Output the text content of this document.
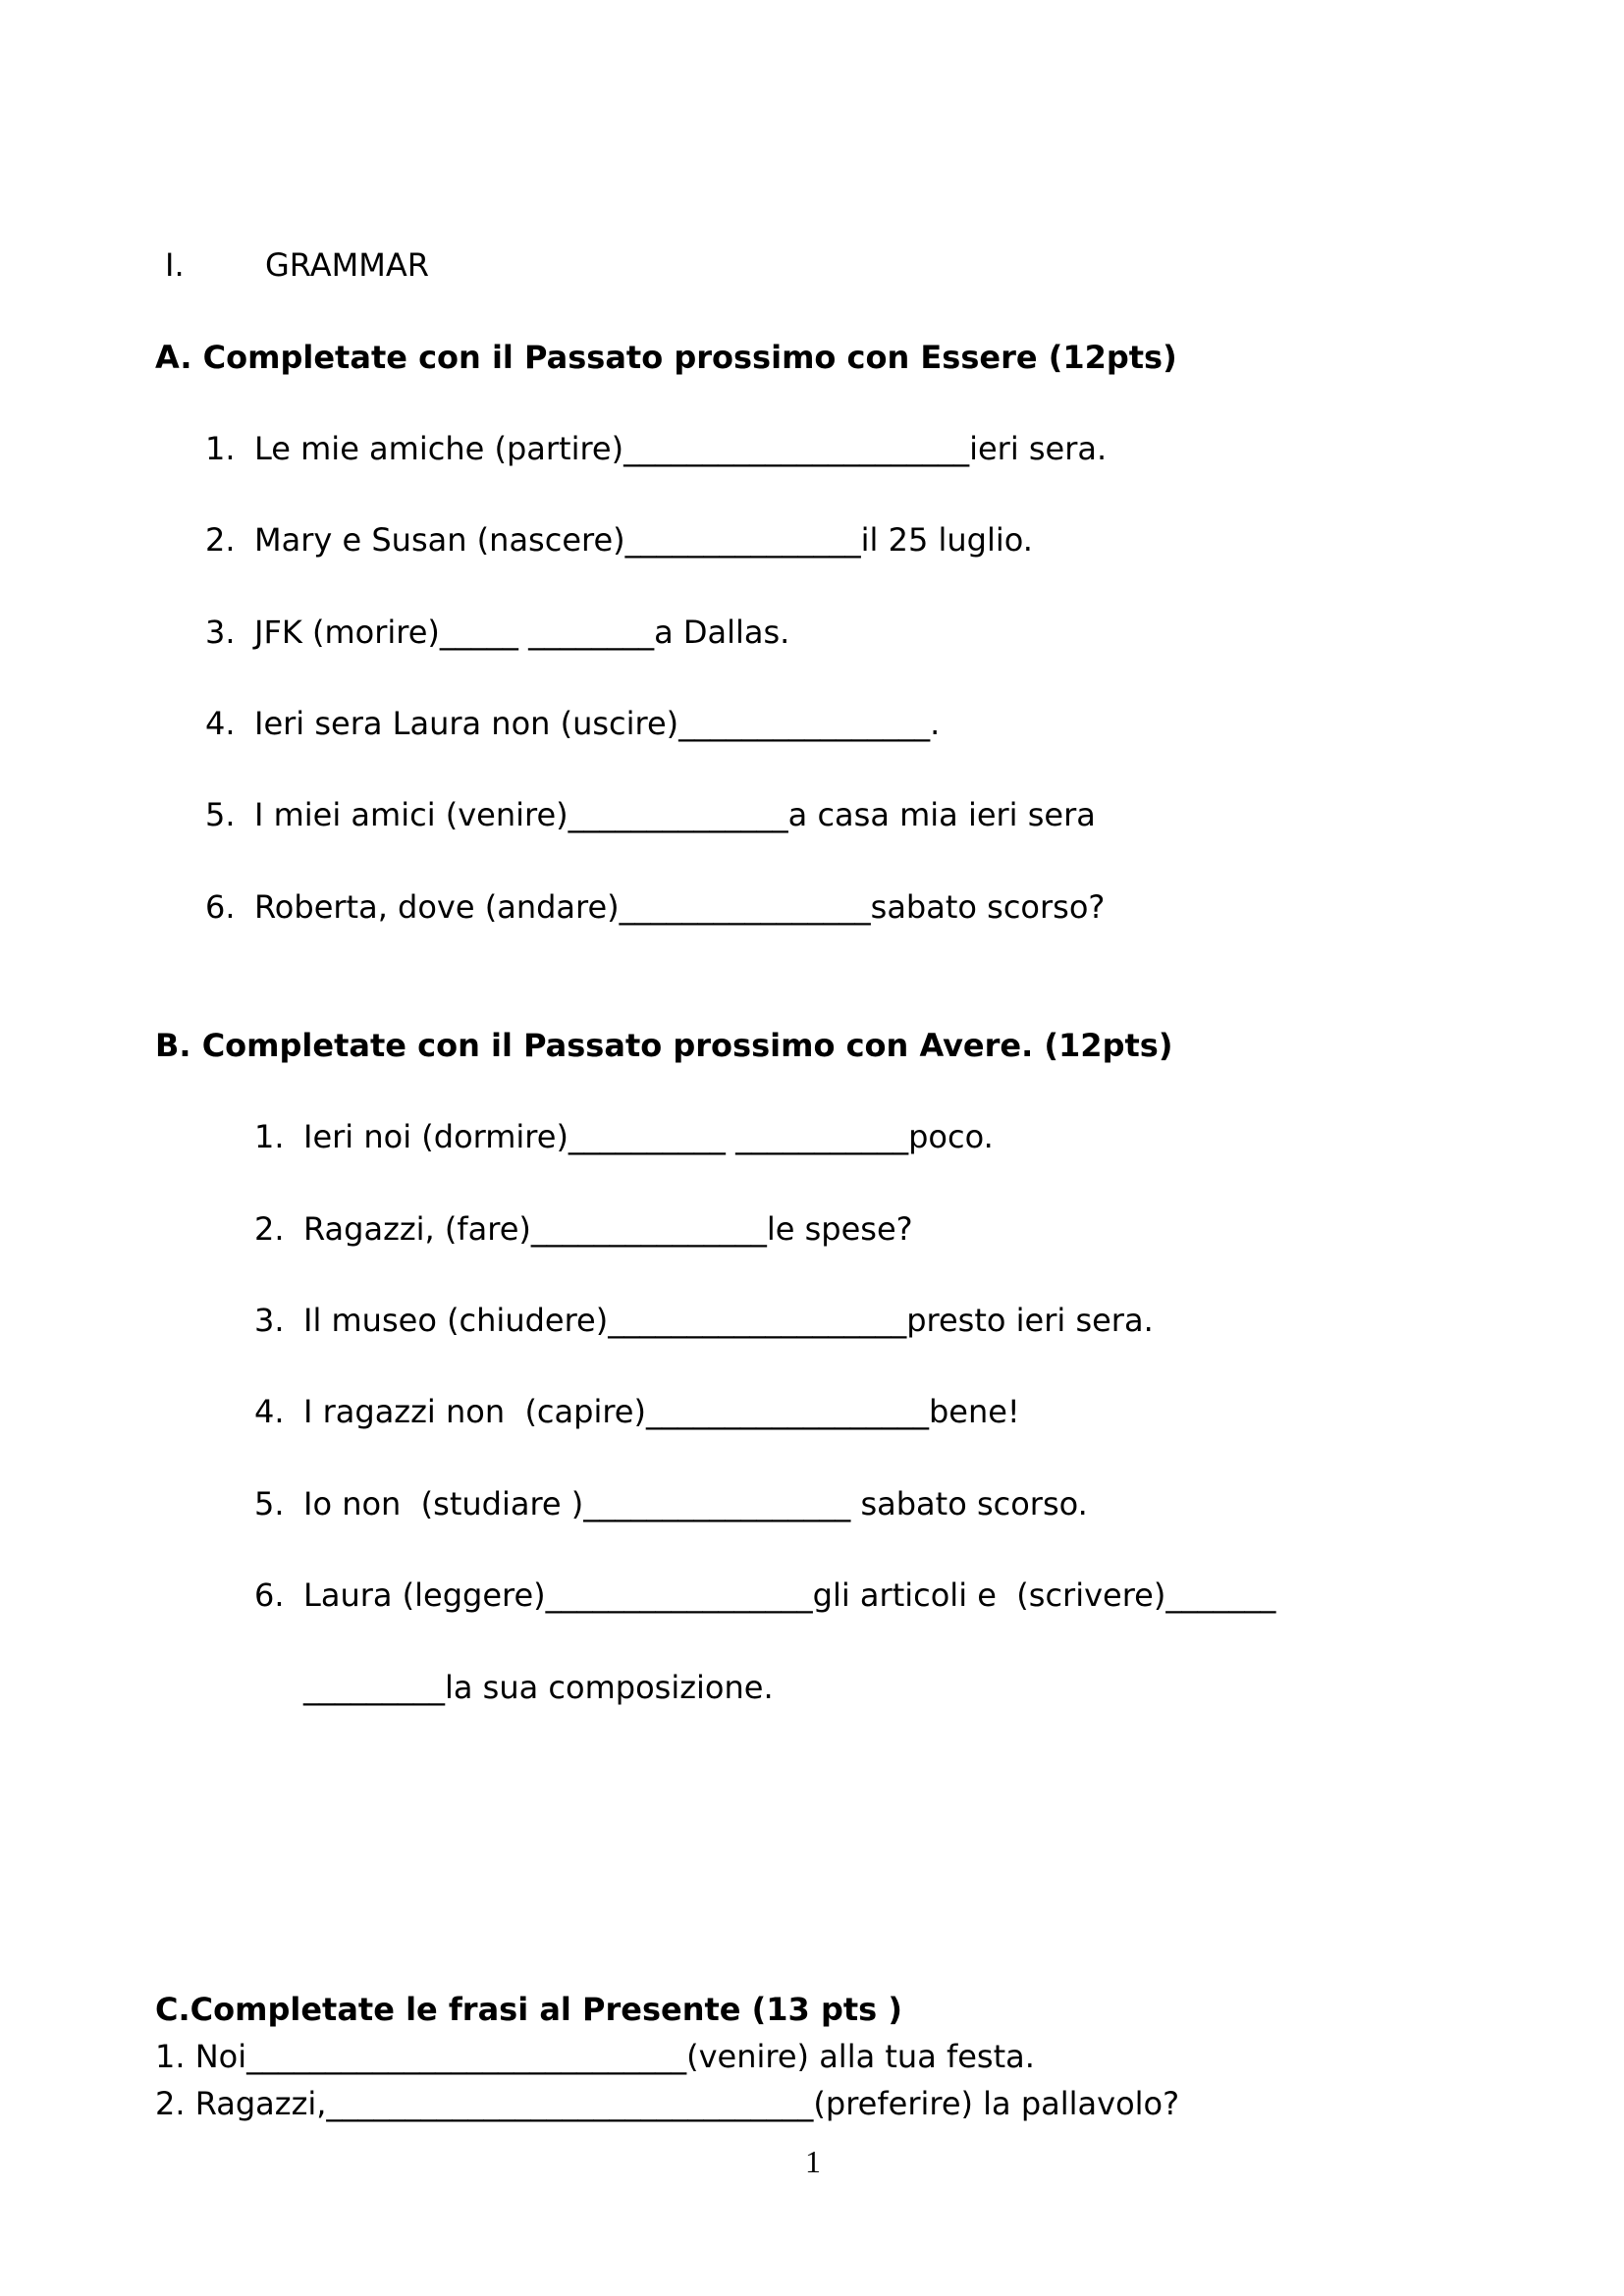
I.	GRAMMAR
A. Completate con il Passato prossimo con Essere (12pts)
1. Le mie amiche (partire)______________________ieri sera.
2. Mary e Susan (nascere)_______________il 25 luglio.
3. JFK (morire)_____ ________a Dallas.
4. Ieri sera Laura non (uscire)________________.
5. I miei amici (venire)______________a casa mia ieri sera
6. Roberta, dove (andare)________________sabato scorso?
B. Completate con il Passato prossimo con Avere. (12pts)
1. Ieri noi (dormire)__________ ___________poco.
2. Ragazzi, (fare)_______________le spese?
3. Il museo (chiudere)___________________presto ieri sera.
4. I ragazzi non  (capire)__________________bene!
5. Io non  (studiare )_________________ sabato scorso.
6. Laura (leggere)_________________gli articoli e  (scrivere)_______
_________la sua composizione.
C.Completate le frasi al Presente (13 pts )
1. Noi____________________________(venire) alla tua festa.
2. Ragazzi,_______________________________(preferire) la pallavolo?
1
